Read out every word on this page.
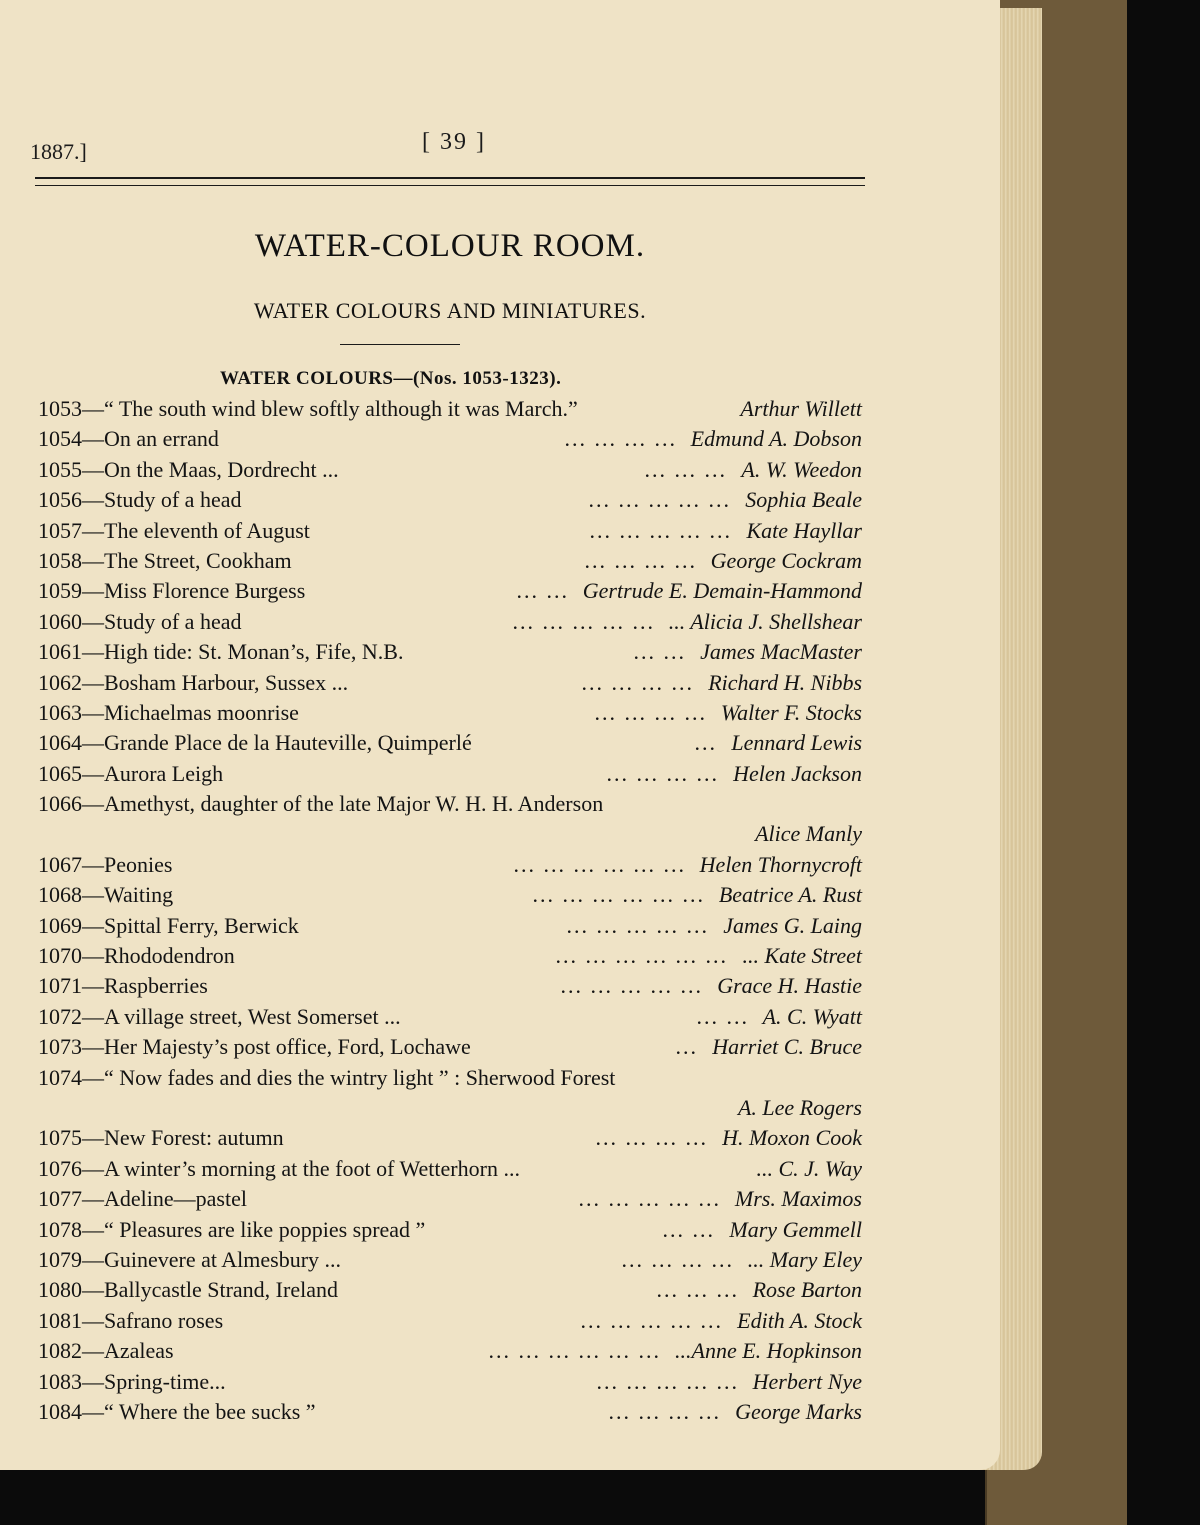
1887.]	[ 39 ]
WATER-COLOUR ROOM.
WATER COLOURS AND MINIATURES.
WATER COLOURS—(Nos. 1053-1323).
1053—“ The south wind blew softly although it was March.”	Arthur Willett
1054—On an errand	... ... ... ... Edmund A. Dobson
1055—On the Maas, Dordrecht ...	... ... ... A. W. Weedon
1056—Study of a head	... ... ... ... ... Sophia Beale
1057—The eleventh of August	... ... ... ... ... Kate Hayllar
1058—The Street, Cookham	... ... ... ... George Cockram
1059—Miss Florence Burgess	... ... Gertrude E. Demain-Hammond
1060—Study of a head	... ... ... ... ... ... Alicia J. Shellshear
1061—High tide: St. Monan’s, Fife, N.B.	... ... James MacMaster
1062—Bosham Harbour, Sussex ...	... ... ... ... Richard H. Nibbs
1063—Michaelmas moonrise	... ... ... ... Walter F. Stocks
1064—Grande Place de la Hauteville, Quimperlé	... Lennard Lewis
1065—Aurora Leigh	... ... ... ... Helen Jackson
1066—Amethyst, daughter of the late Major W. H. H. Anderson
Alice Manly
1067—Peonies	... ... ... ... ... ... Helen Thornycroft
1068—Waiting	... ... ... ... ... ... Beatrice A. Rust
1069—Spittal Ferry, Berwick	... ... ... ... ... James G. Laing
1070—Rhododendron	... ... ... ... ... ... ... Kate Street
1071—Raspberries	... ... ... ... ... Grace H. Hastie
1072—A village street, West Somerset ...	... ... A. C. Wyatt
1073—Her Majesty’s post office, Ford, Lochawe	... Harriet C. Bruce
1074—“ Now fades and dies the wintry light ” : Sherwood Forest
A. Lee Rogers
1075—New Forest: autumn	... ... ... ... H. Moxon Cook
1076—A winter’s morning at the foot of Wetterhorn ...	... C. J. Way
1077—Adeline—pastel	... ... ... ... ... Mrs. Maximos
1078—“ Pleasures are like poppies spread ”	... ... Mary Gemmell
1079—Guinevere at Almesbury ...	... ... ... ... ... Mary Eley
1080—Ballycastle Strand, Ireland	... ... ... Rose Barton
1081—Safrano roses	... ... ... ... ... Edith A. Stock
1082—Azaleas	... ... ... ... ... ... ...Anne E. Hopkinson
1083—Spring-time...	... ... ... ... ... Herbert Nye
1084—“ Where the bee sucks ”	... ... ... ... George Marks
